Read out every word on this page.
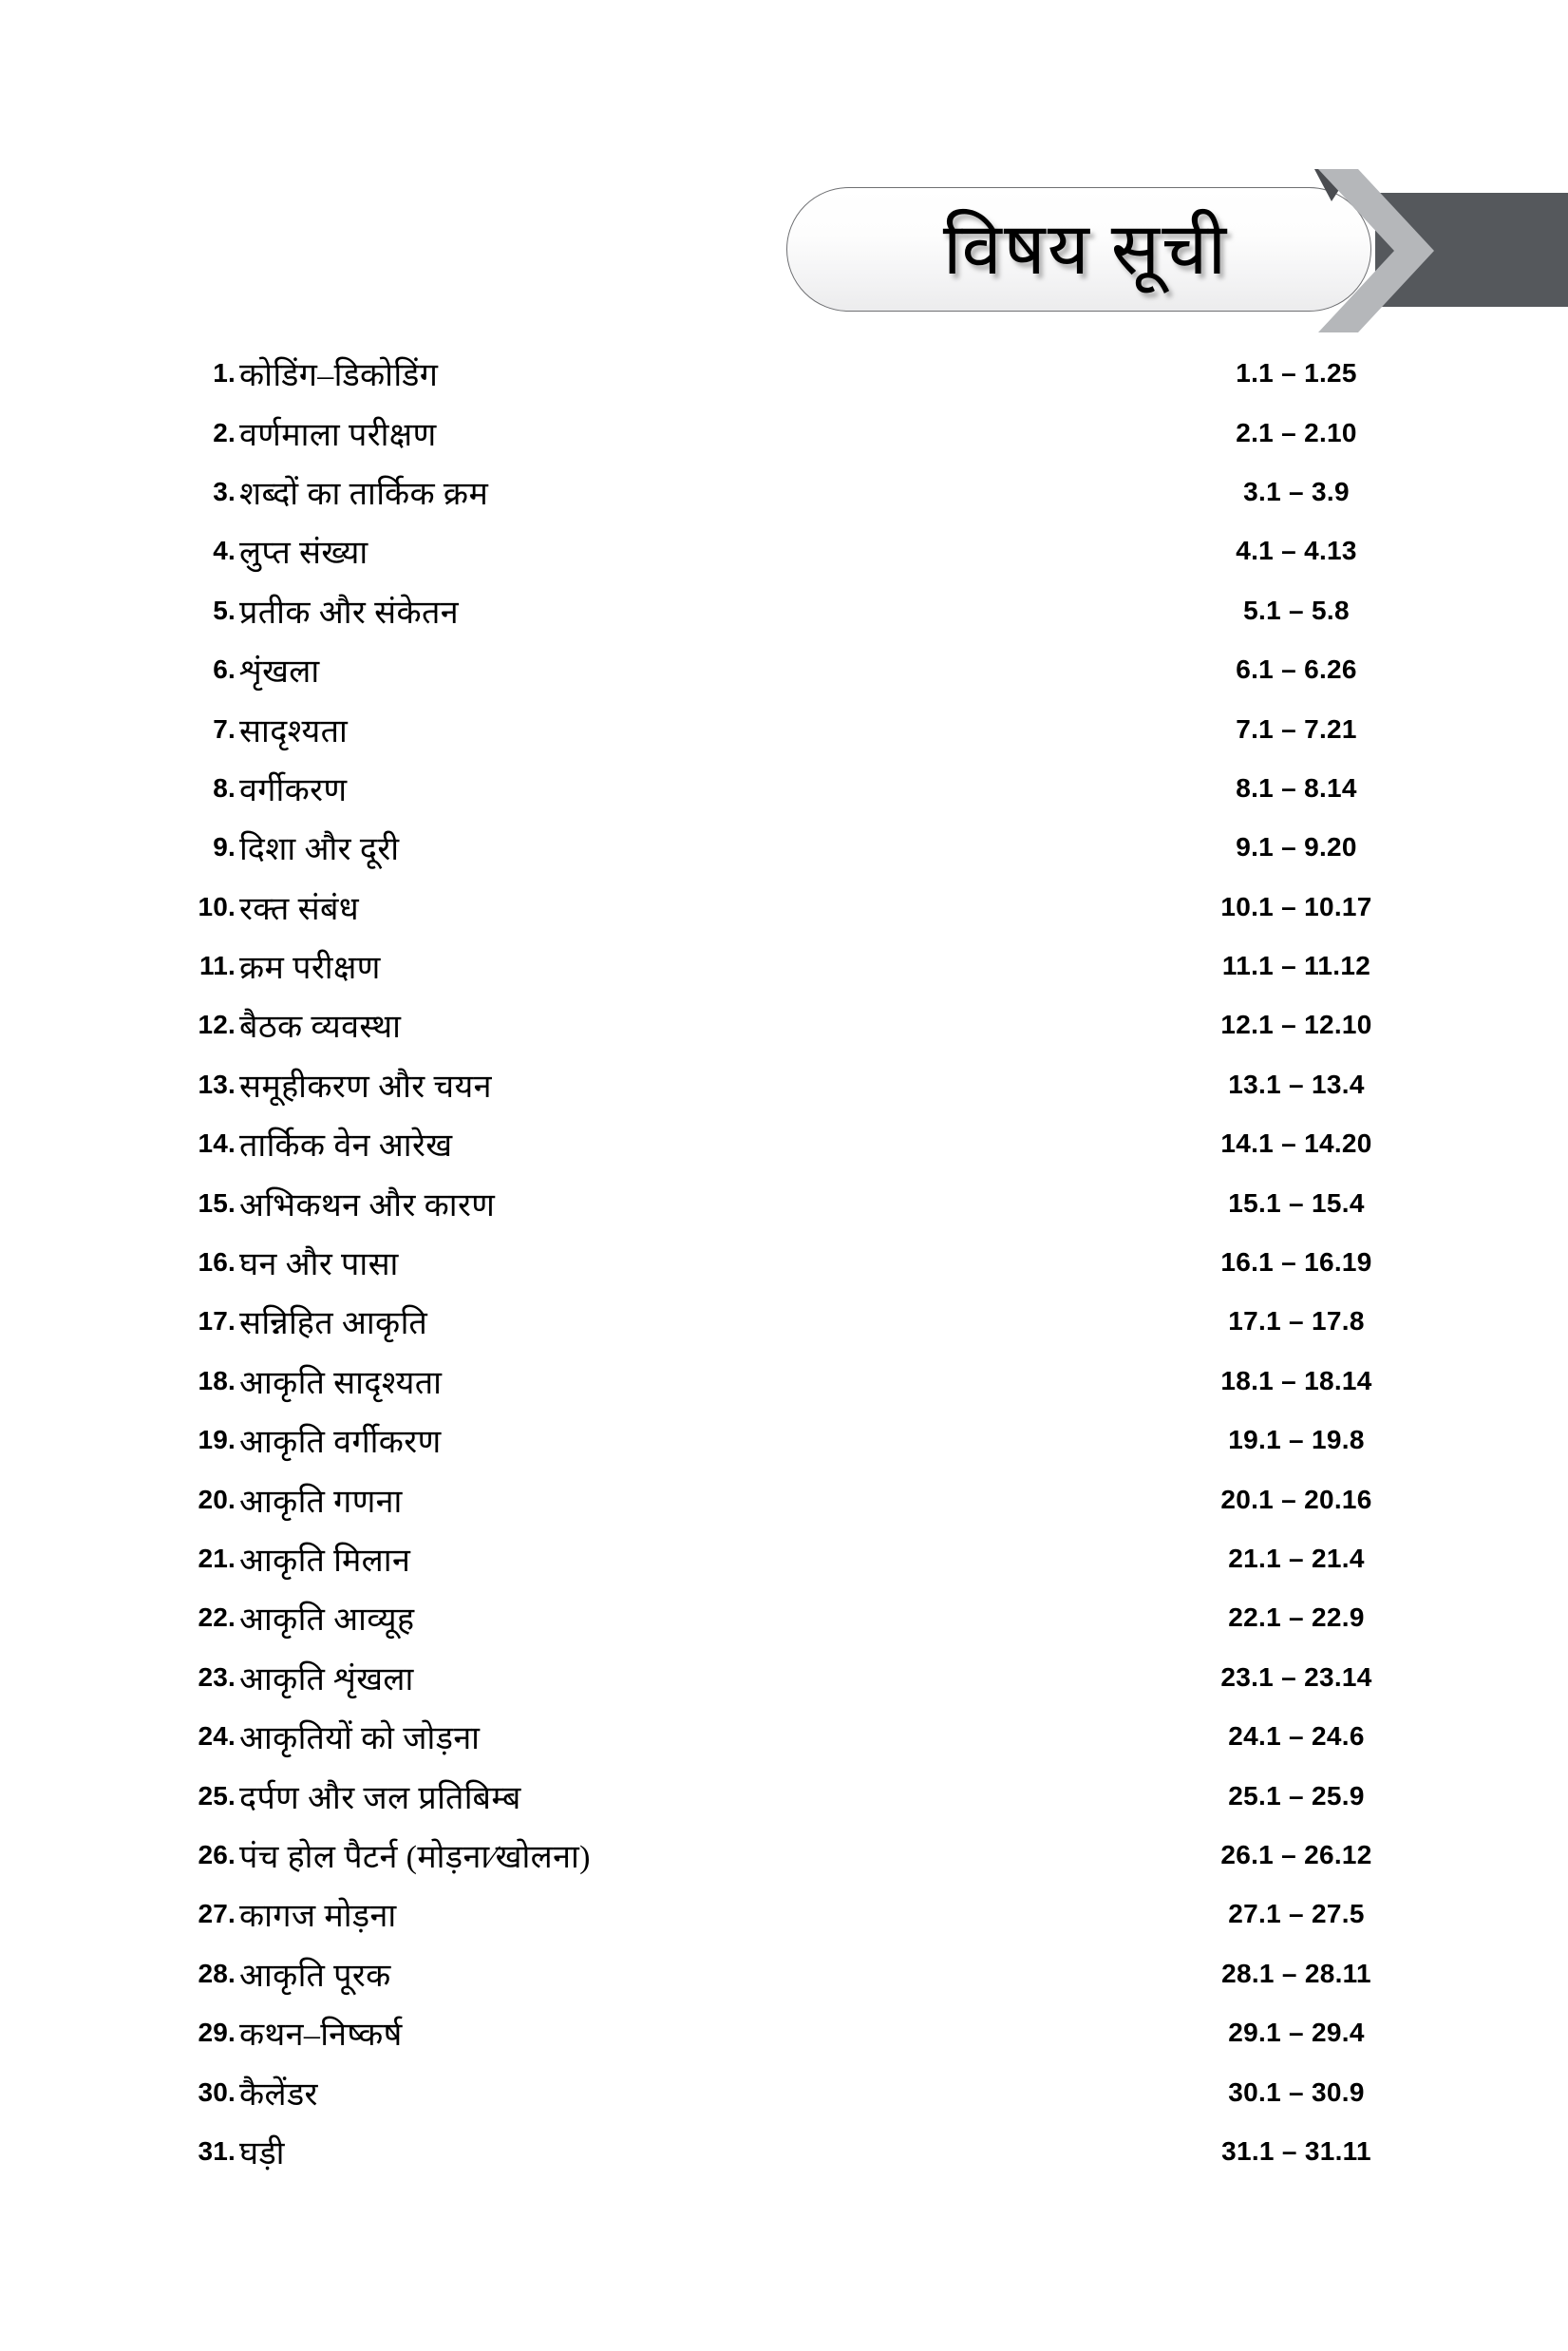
विषय सूची
1. कोडिंग–डिकोडिंग	1.1 – 1.25
2. वर्णमाला परीक्षण	2.1 – 2.10
3. शब्दों का तार्किक क्रम	3.1 – 3.9
4. लुप्त संख्या	4.1 – 4.13
5. प्रतीक और संकेतन	5.1 – 5.8
6. शृंखला	6.1 – 6.26
7. सादृश्यता	7.1 – 7.21
8. वर्गीकरण	8.1 – 8.14
9. दिशा और दूरी	9.1 – 9.20
10. रक्त संबंध	10.1 – 10.17
11. क्रम परीक्षण	11.1 – 11.12
12. बैठक व्यवस्था	12.1 – 12.10
13. समूहीकरण और चयन	13.1 – 13.4
14. तार्किक वेन आरेख	14.1 – 14.20
15. अभिकथन और कारण	15.1 – 15.4
16. घन और पासा	16.1 – 16.19
17. सन्निहित आकृति	17.1 – 17.8
18. आकृति सादृश्यता	18.1 – 18.14
19. आकृति वर्गीकरण	19.1 – 19.8
20. आकृति गणना	20.1 – 20.16
21. आकृति मिलान	21.1 – 21.4
22. आकृति आव्यूह	22.1 – 22.9
23. आकृति शृंखला	23.1 – 23.14
24. आकृतियों को जोड़ना	24.1 – 24.6
25. दर्पण और जल प्रतिबिम्ब	25.1 – 25.9
26. पंच होल पैटर्न (मोड़ना∕खोलना)	26.1 – 26.12
27. कागज मोड़ना	27.1 – 27.5
28. आकृति पूरक	28.1 – 28.11
29. कथन–निष्कर्ष	29.1 – 29.4
30. कैलेंडर	30.1 – 30.9
31. घड़ी	31.1 – 31.11
